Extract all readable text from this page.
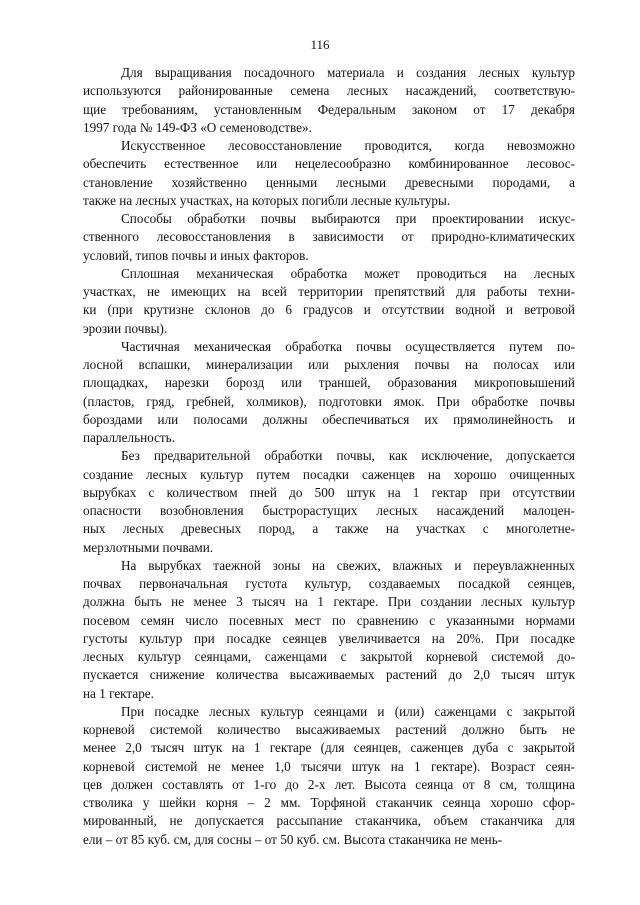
116
Для выращивания посадочного материала и создания лесных культур
используются районированные семена лесных насаждений, соответствую-
щие требованиям, установленным Федеральным законом от 17 декабря
1997 года № 149-ФЗ «О семеноводстве».
Искусственное лесовосстановление проводится, когда невозможно
обеспечить естественное или нецелесообразно комбинированное лесовос-
становление хозяйственно ценными лесными древесными породами, а
также на лесных участках, на которых погибли лесные культуры.
Способы обработки почвы выбираются при проектировании искус-
ственного лесовосстановления в зависимости от природно-климатических
условий, типов почвы и иных факторов.
Сплошная механическая обработка может проводиться на лесных
участках, не имеющих на всей территории препятствий для работы техни-
ки (при крутизне склонов до 6 градусов и отсутствии водной и ветровой
эрозии почвы).
Частичная механическая обработка почвы осуществляется путем по-
лосной вспашки, минерализации или рыхления почвы на полосах или
площадках, нарезки борозд или траншей, образования микроповышений
(пластов, гряд, гребней, холмиков), подготовки ямок. При обработке почвы
бороздами или полосами должны обеспечиваться их прямолинейность и
параллельность.
Без предварительной обработки почвы, как исключение, допускается
создание лесных культур путем посадки саженцев на хорошо очищенных
вырубках с количеством пней до 500 штук на 1 гектар при отсутствии
опасности возобновления быстрорастущих лесных насаждений малоцен-
ных лесных древесных пород, а также на участках с многолетне-
мерзлотными почвами.
На вырубках таежной зоны на свежих, влажных и переувлажненных
почвах первоначальная густота культур, создаваемых посадкой сеянцев,
должна быть не менее 3 тысяч на 1 гектаре. При создании лесных культур
посевом семян число посевных мест по сравнению с указанными нормами
густоты культур при посадке сеянцев увеличивается на 20%. При посадке
лесных культур сеянцами, саженцами с закрытой корневой системой до-
пускается снижение количества высаживаемых растений до 2,0 тысяч штук
на 1 гектаре.
При посадке лесных культур сеянцами и (или) саженцами с закрытой
корневой системой количество высаживаемых растений должно быть не
менее 2,0 тысяч штук на 1 гектаре (для сеянцев, саженцев дуба с закрытой
корневой системой не менее 1,0 тысячи штук на 1 гектаре). Возраст сеян-
цев должен составлять от 1-го до 2-х лет. Высота сеянца от 8 см, толщина
стволика у шейки корня – 2 мм. Торфяной стаканчик сеянца хорошо сфор-
мированный, не допускается рассыпание стаканчика, объем стаканчика для
ели – от 85 куб. см, для сосны – от 50 куб. см. Высота стаканчика не мень-
